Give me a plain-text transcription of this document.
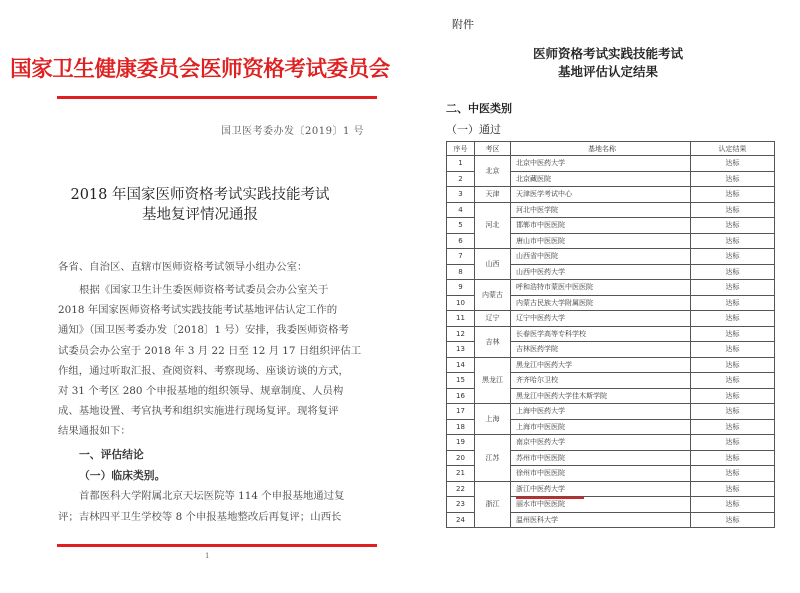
国家卫生健康委员会医师资格考试委员会
国卫医考委办发〔2019〕1 号
2018 年国家医师资格考试实践技能考试
基地复评情况通报
各省、自治区、直辖市医师资格考试领导小组办公室：
根据《国家卫生计生委医师资格考试委员会办公室关于
2018 年国家医师资格考试实践技能考试基地评估认定工作的
通知》（国卫医考委办发〔2018〕1 号）安排，我委医师资格考
试委员会办公室于 2018 年 3 月 22 日至 12 月 17 日组织评估工
作组，通过听取汇报、查阅资料、考察现场、座谈访谈的方式，
对 31 个考区 280 个申报基地的组织领导、规章制度、人员构
成、基地设置、考官执考和组织实施进行现场复评。现将复评
结果通报如下：
一、评估结论
（一）临床类别。
首都医科大学附属北京天坛医院等 114 个申报基地通过复
评；吉林四平卫生学校等 8 个申报基地整改后再复评；山西长
1
附件
医师资格考试实践技能考试
基地评估认定结果
二、中医类别
（一）通过
序号	考区	基地名称	认定结果
1	北京	北京中医药大学	达标
2		北京藏医院	达标
3	天津	天津医学考试中心	达标
4	河北	河北中医学院	达标
5		邯郸市中医医院	达标
6		唐山市中医医院	达标
7	山西	山西省中医院	达标
8		山西中医药大学	达标
9	内蒙古	呼和浩特市蒙医中医医院	达标
10		内蒙古民族大学附属医院	达标
11	辽宁	辽宁中医药大学	达标
12	吉林	长春医学高等专科学校	达标
13		吉林医药学院	达标
14	黑龙江	黑龙江中医药大学	达标
15		齐齐哈尔卫校	达标
16		黑龙江中医药大学佳木斯学院	达标
17	上海	上海中医药大学	达标
18		上海市中医医院	达标
19	江苏	南京中医药大学	达标
20		苏州市中医医院	达标
21		徐州市中医医院	达标
22	浙江	浙江中医药大学	达标
23		丽水市中医医院	达标
24		温州医科大学	达标
